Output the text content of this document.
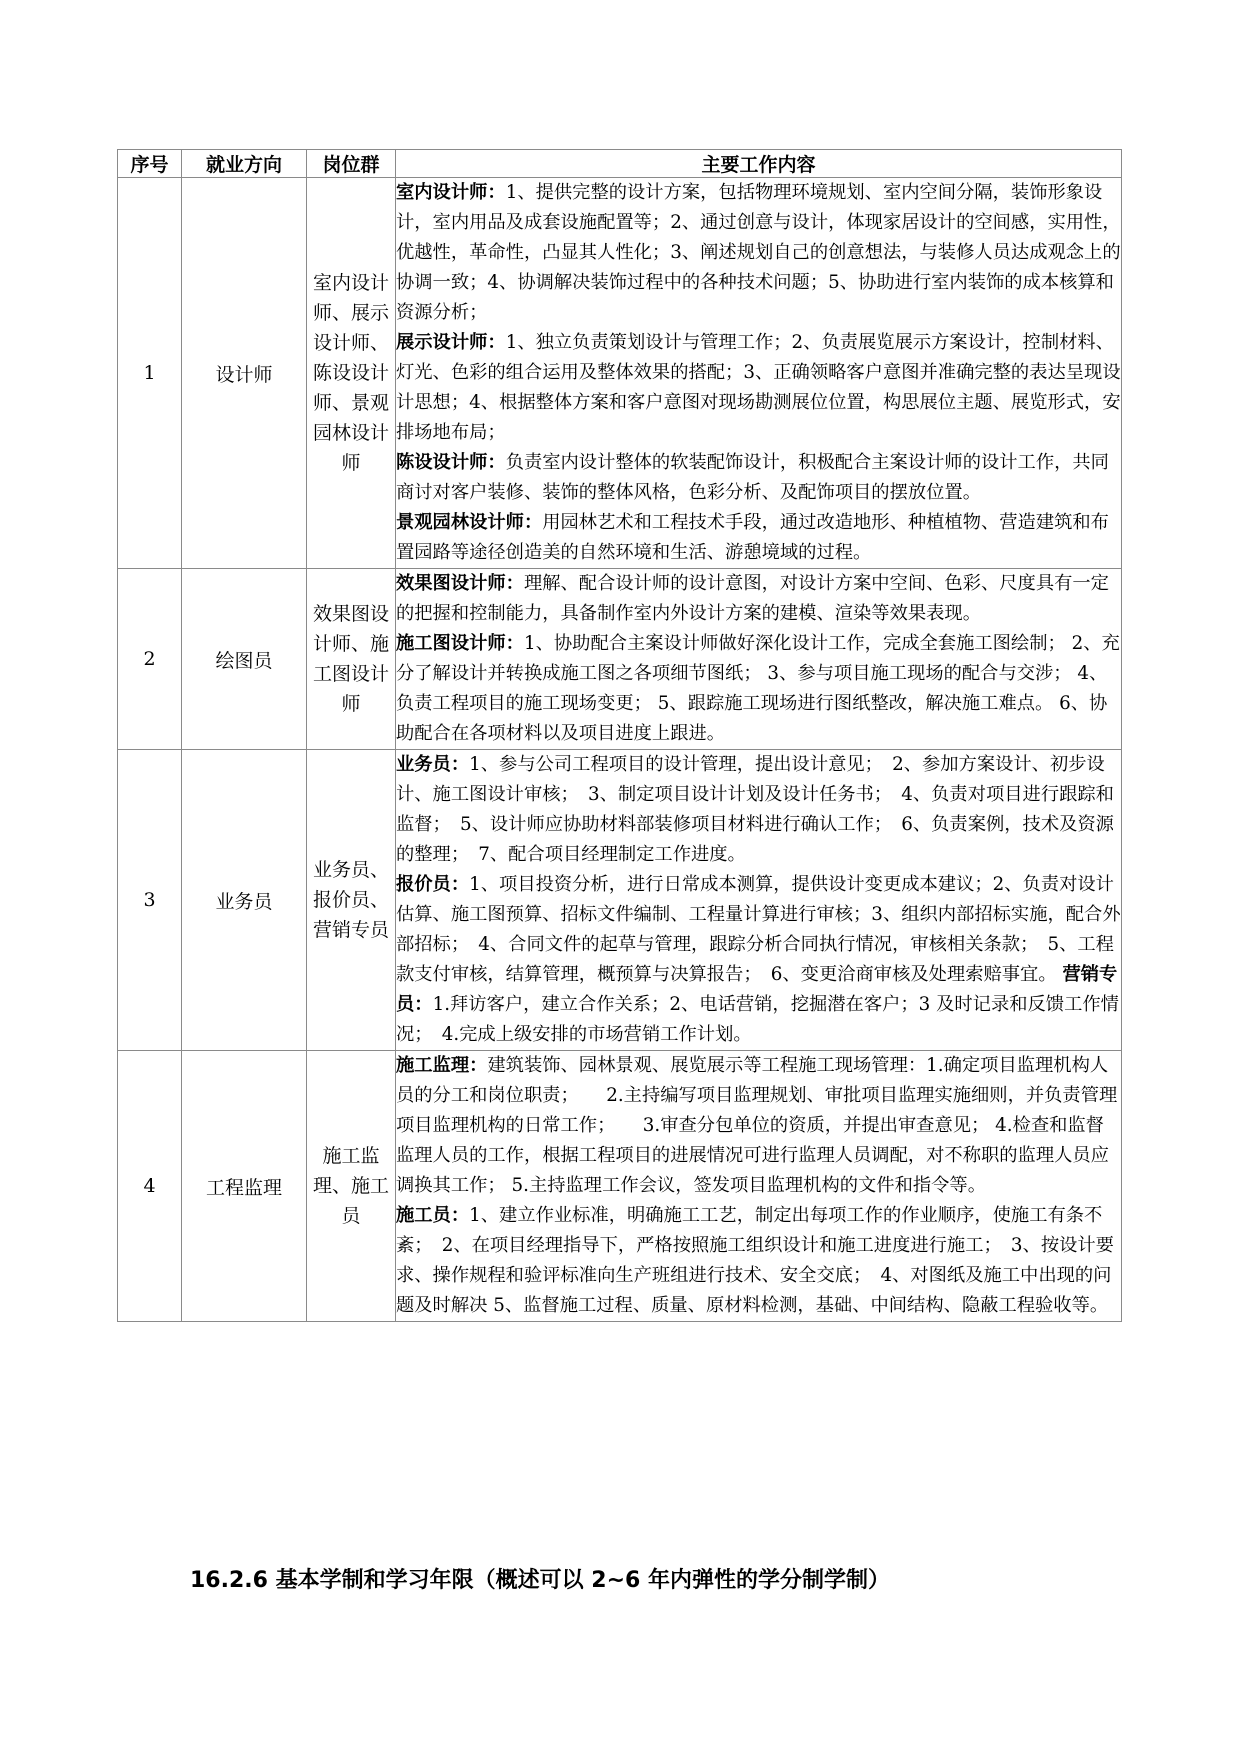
序号	就业方向	岗位群	主要工作内容
1	设计师	室内设计师、展示设计师、陈设设计师、景观园林设计师	室内设计师：1、提供完整的设计方案，包括物理环境规划、室内空间分隔，装饰形象设计，室内用品及成套设施配置等；2、通过创意与设计，体现家居设计的空间感，实用性，优越性，革命性，凸显其人性化；3、阐述规划自己的创意想法，与装修人员达成观念上的协调一致；4、协调解决装饰过程中的各种技术问题；5、协助进行室内装饰的成本核算和资源分析；
展示设计师：1、独立负责策划设计与管理工作；2、负责展览展示方案设计，控制材料、灯光、色彩的组合运用及整体效果的搭配；3、正确领略客户意图并准确完整的表达呈现设计思想；4、根据整体方案和客户意图对现场勘测展位位置，构思展位主题、展览形式，安排场地布局；
陈设设计师：负责室内设计整体的软装配饰设计，积极配合主案设计师的设计工作，共同商讨对客户装修、装饰的整体风格，色彩分析、及配饰项目的摆放位置。
景观园林设计师：用园林艺术和工程技术手段，通过改造地形、种植植物、营造建筑和布置园路等途径创造美的自然环境和生活、游憩境域的过程。

2	绘图员	效果图设计师、施工图设计师	效果图设计师：理解、配合设计师的设计意图，对设计方案中空间、色彩、尺度具有一定的把握和控制能力，具备制作室内外设计方案的建模、渲染等效果表现。
施工图设计师：1、协助配合主案设计师做好深化设计工作，完成全套施工图绘制； 2、充分了解设计并转换成施工图之各项细节图纸； 3、参与项目施工现场的配合与交涉； 4、负责工程项目的施工现场变更； 5、跟踪施工现场进行图纸整改，解决施工难点。 6、协助配合在各项材料以及项目进度上跟进。

3	业务员	业务员、报价员、营销专员	业务员：1、参与公司工程项目的设计管理，提出设计意见；　2、参加方案设计、初步设计、施工图设计审核；　3、制定项目设计计划及设计任务书；　4、负责对项目进行跟踪和监督；　5、设计师应协助材料部装修项目材料进行确认工作；　6、负责案例，技术及资源的整理；　7、配合项目经理制定工作进度。
报价员：1、项目投资分析，进行日常成本测算，提供设计变更成本建议；2、负责对设计估算、施工图预算、招标文件编制、工程量计算进行审核；3、组织内部招标实施，配合外部招标；　4、合同文件的起草与管理，跟踪分析合同执行情况，审核相关条款；　5、工程款支付审核，结算管理，概预算与决算报告；　6、变更洽商审核及处理索赔事宜。 营销专员：1.拜访客户，建立合作关系；2、电话营销，挖掘潜在客户；3 及时记录和反馈工作情况；　4.完成上级安排的市场营销工作计划。
4	工程监理	施工监理、施工员	施工监理：建筑装饰、园林景观、展览展示等工程施工现场管理：1.确定项目监理机构人员的分工和岗位职责；　　2.主持编写项目监理规划、审批项目监理实施细则，并负责管理项目监理机构的日常工作；　　3.审查分包单位的资质，并提出审查意见； 4.检查和监督监理人员的工作，根据工程项目的进展情况可进行监理人员调配，对不称职的监理人员应调换其工作； 5.主持监理工作会议，签发项目监理机构的文件和指令等。
施工员：1、建立作业标准，明确施工工艺，制定出每项工作的作业顺序，使施工有条不紊；　2、在项目经理指导下，严格按照施工组织设计和施工进度进行施工；　3、按设计要求、操作规程和验评标准向生产班组进行技术、安全交底；　4、对图纸及施工中出现的问题及时解决 5、监督施工过程、质量、原材料检测，基础、中间结构、隐蔽工程验收等。
16.2.6 基本学制和学习年限（概述可以 2~6 年内弹性的学分制学制）
